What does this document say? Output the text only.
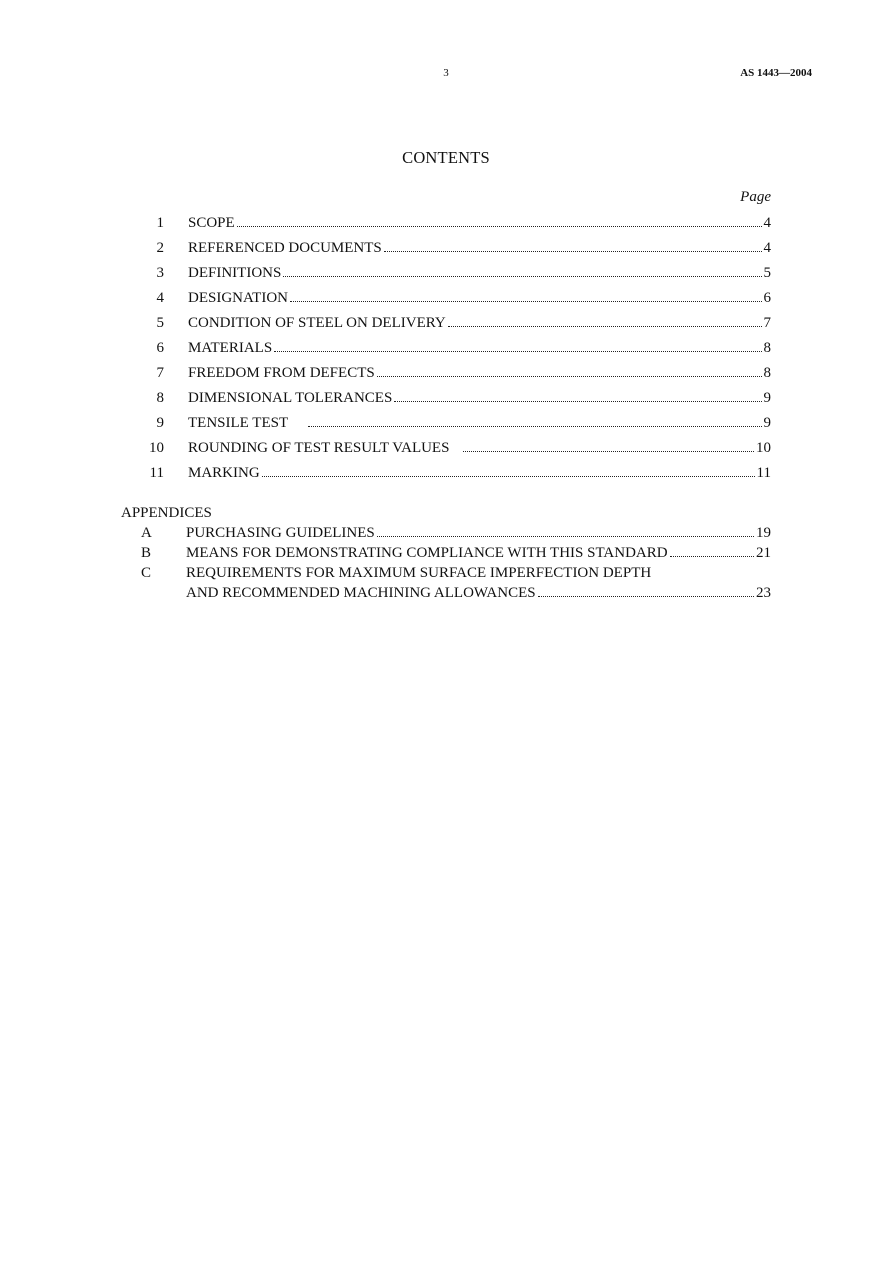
3	AS 1443—2004
CONTENTS
Page
1 SCOPE	4
2 REFERENCED DOCUMENTS	4
3 DEFINITIONS	5
4 DESIGNATION	6
5 CONDITION OF STEEL ON DELIVERY	7
6 MATERIALS	8
7 FREEDOM FROM DEFECTS	8
8 DIMENSIONAL TOLERANCES	9
9 TENSILE TEST	9
10 ROUNDING OF TEST RESULT VALUES	10
11 MARKING	11
APPENDICES
A PURCHASING GUIDELINES	19
B MEANS FOR DEMONSTRATING COMPLIANCE WITH THIS STANDARD	21
C REQUIREMENTS FOR MAXIMUM SURFACE IMPERFECTION DEPTH
AND RECOMMENDED MACHINING ALLOWANCES	23
